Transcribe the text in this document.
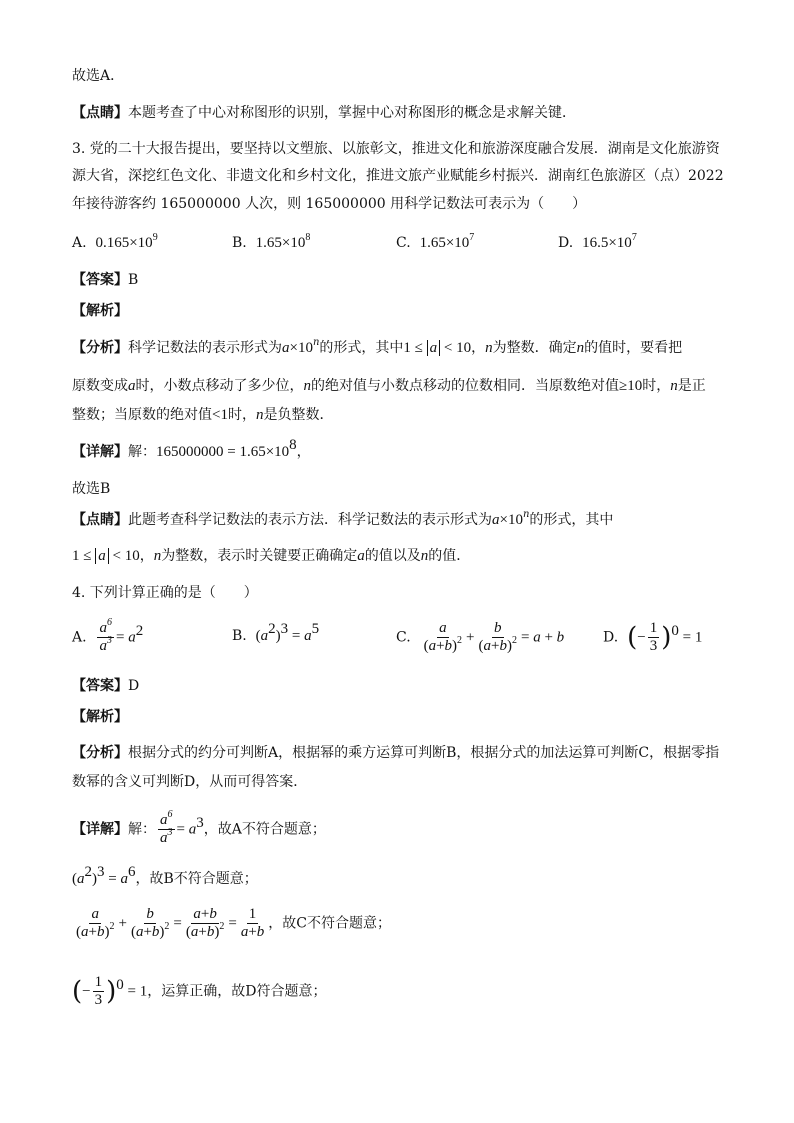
故选A．
【点睛】本题考查了中心对称图形的识别，掌握中心对称图形的概念是求解关键．
3. 党的二十大报告提出，要坚持以文塑旅、以旅彰文，推进文化和旅游深度融合发展．湖南是文化旅游资
源大省，深挖红色文化、非遗文化和乡村文化，推进文旅产业赋能乡村振兴．湖南红色旅游区（点）2022
年接待游客约 165000000 人次，则 165000000 用科学记数法可表示为（　　）
A. $0.165\times 10^9$	B. $1.65\times 10^8$	C. $1.65\times 10^7$	D. $16.5\times 10^7$
【答案】B
【解析】
【分析】科学记数法的表示形式为$a\times 10^n$的形式，其中1 ≤ a < 10，n为整数．确定n的值时，要看把
原数变成a时，小数点移动了多少位，n的绝对值与小数点移动的位数相同．当原数绝对值≥10时，n是正
整数；当原数的绝对值<1时，n是负整数．
【详解】解：$165000000 = 1.65\times 10^8$，
故选B
【点睛】此题考查科学记数法的表示方法．科学记数法的表示形式为$a\times 10^n$的形式，其中
1 ≤ a < 10，n为整数，表示时关键要正确确定a的值以及n的值．
4. 下列计算正确的是（　　）
A. $\frac{a^6}{a^3} = a^2$	B. $(a^2)^3 = a^5$
C. $\frac{a}{(a+b)^2} + \frac{b}{(a+b)^2} = a + b$	D. (− $\frac{1}{3} )^0 = 1$
【答案】D
【解析】
【分析】根据分式的约分可判断A，根据幂的乘方运算可判断B，根据分式的加法运算可判断C，根据零指
数幂的含义可判断D，从而可得答案．
【详解】解： $\frac{a^6}{a^3} = a^3$，故A不符合题意；
$(a^2)^3 = a^6$，故B不符合题意；
$\frac{a}{(a+b)^2} + \frac{b}{(a+b)^2} = \frac{a+b}{(a+b)^2} = \frac{1}{a+b}$ ，故C不符合题意；
(− $\frac{1}{3} )^0 = 1$，运算正确，故D符合题意；
